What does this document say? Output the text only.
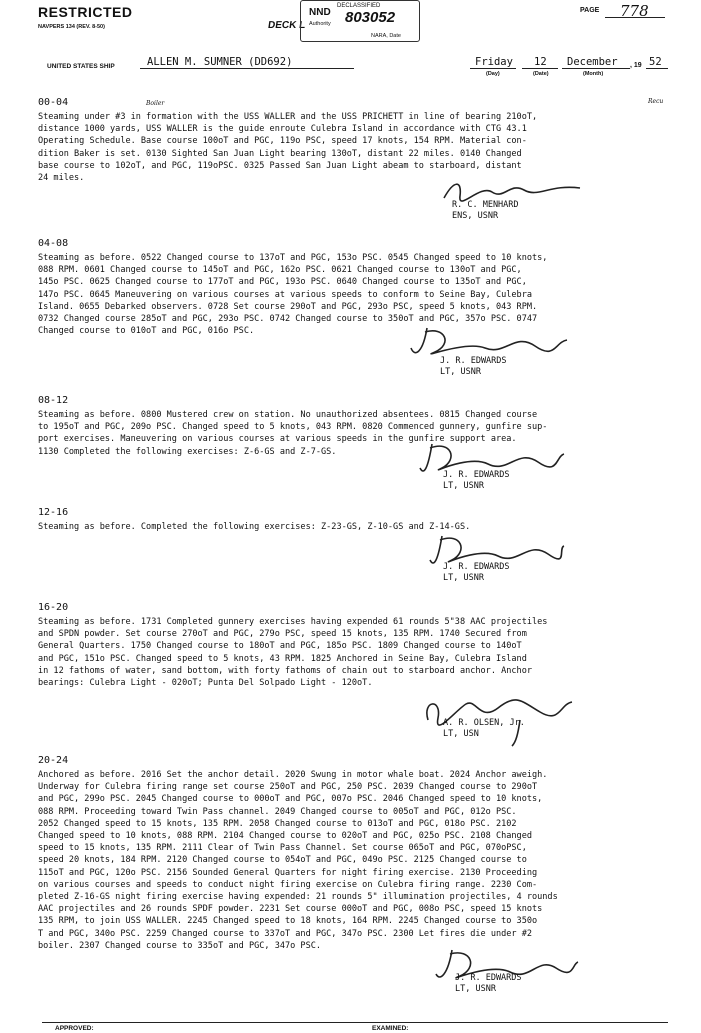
RESTRICTED
NAVPERS 134 (REV. 8-50)	DECK L
DECLASSIFIED
NND 803052
Authority
NARA, Date
PAGE 778
UNITED STATES SHIP	ALLEN M. SUMNER (DD692)	Friday
(Day)
12
(Date)
December
(Month)
, 19 52
Boiler	Recu
00-04

Steaming under #3 in formation with the USS WALLER and the USS PRICHETT in line of bearing 210oT,
distance 1000 yards, USS WALLER is the guide enroute Culebra Island in accordance with CTG 43.1
Operating Schedule. Base course 100oT and PGC, 119o PSC, speed 17 knots, 154 RPM. Material con-
dition Baker is set. 0130 Sighted San Juan Light bearing 130oT, distant 22 miles. 0140 Changed
base course to 102oT, and PGC, 119oPSC. 0325 Passed San Juan Light abeam to starboard, distant
24 miles.

R. C. MENHARD
ENS, USNR
04-08

Steaming as before. 0522 Changed course to 137oT and PGC, 153o PSC. 0545 Changed speed to 10 knots,
088 RPM. 0601 Changed course to 145oT and PGC, 162o PSC. 0621 Changed course to 130oT and PGC,
145o PSC. 0625 Changed course to 177oT and PGC, 193o PSC. 0640 Changed course to 135oT and PGC,
147o PSC. 0645 Maneuvering on various courses at various speeds to conform to Seine Bay, Culebra
Island. 0655 Debarked observers. 0728 Set course 290oT and PGC, 293o PSC, speed 5 knots, 043 RPM.
0732 Changed course 285oT and PGC, 293o PSC. 0742 Changed course to 350oT and PGC, 357o PSC. 0747
Changed course to 010oT and PGC, 016o PSC.

J. R. EDWARDS
LT, USNR
08-12

Steaming as before. 0800 Mustered crew on station. No unauthorized absentees. 0815 Changed course
to 195oT and PGC, 209o PSC. Changed speed to 5 knots, 043 RPM. 0820 Commenced gunnery, gunfire sup-
port exercises. Maneuvering on various courses at various speeds in the gunfire support area.
1130 Completed the following exercises: Z-6-GS and Z-7-GS.

J. R. EDWARDS
LT, USNR
12-16

Steaming as before. Completed the following exercises: Z-23-GS, Z-10-GS and Z-14-GS.

J. R. EDWARDS
LT, USNR
16-20

Steaming as before. 1731 Completed gunnery exercises having expended 61 rounds 5"38 AAC projectiles
and SPDN powder. Set course 270oT and PGC, 279o PSC, speed 15 knots, 135 RPM. 1740 Secured from
General Quarters. 1750 Changed course to 180oT and PGC, 185o PSC. 1809 Changed course to 140oT
and PGC, 151o PSC. Changed speed to 5 knots, 43 RPM. 1825 Anchored in Seine Bay, Culebra Island
in 12 fathoms of water, sand bottom, with forty fathoms of chain out to starboard anchor. Anchor
bearings: Culebra Light - 020oT; Punta Del Solpado Light - 120oT.

A. R. OLSEN, Jr.
LT, USN
20-24

Anchored as before. 2016 Set the anchor detail. 2020 Swung in motor whale boat. 2024 Anchor aweigh.
Underway for Culebra firing range set course 250oT and PGC, 250 PSC. 2039 Changed course to 290oT
and PGC, 299o PSC. 2045 Changed course to 000oT and PGC, 007o PSC. 2046 Changed speed to 10 knots,
088 RPM. Proceeding toward Twin Pass channel. 2049 Changed course to 005oT and PGC, 012o PSC.
2052 Changed speed to 15 knots, 135 RPM. 2058 Changed course to 013oT and PGC, 018o PSC. 2102
Changed speed to 10 knots, 088 RPM. 2104 Changed course to 020oT and PGC, 025o PSC. 2108 Changed
speed to 15 knots, 135 RPM. 2111 Clear of Twin Pass Channel. Set course 065oT and PGC, 070oPSC,
speed 20 knots, 184 RPM. 2120 Changed course to 054oT and PGC, 049o PSC. 2125 Changed course to
115oT and PGC, 120o PSC. 2156 Sounded General Quarters for night firing exercise. 2130 Proceeding
on various courses and speeds to conduct night firing exercise on Culebra firing range. 2230 Com-
pleted Z-16-GS night firing exercise having expended: 21 rounds 5" illumination projectiles, 4 rounds
AAC projectiles and 26 rounds SPDF powder. 2231 Set course 000oT and PGC, 008o PSC, speed 15 knots
135 RPM, to join USS WALLER. 2245 Changed speed to 18 knots, 164 RPM. 2245 Changed course to 350o
T and PGC, 340o PSC. 2259 Changed course to 337oT and PGC, 347o PSC. 2300 Let fires die under #2
boiler. 2307 Changed course to 335oT and PGC, 347o PSC.

J. R. EDWARDS
LT, USNR
APPROVED:	EXAMINED:
